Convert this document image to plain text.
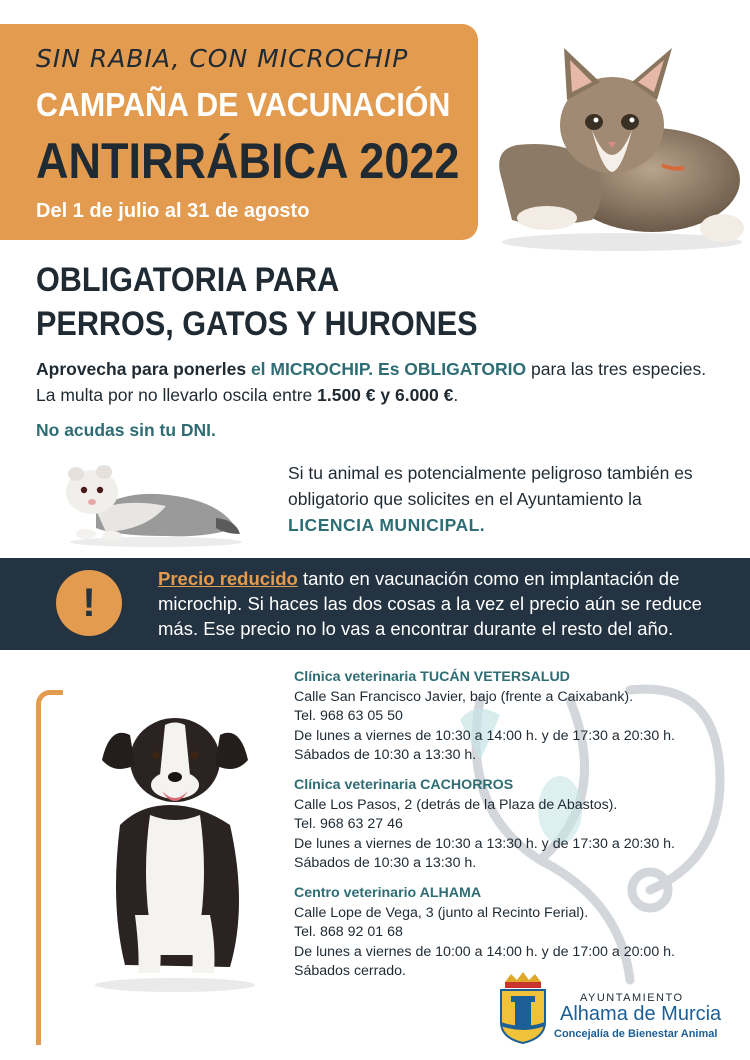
SIN RABIA, CON MICROCHIP
CAMPAÑA DE VACUNACIÓN
ANTIRRÁBICA 2022
Del 1 de julio al 31 de agosto
OBLIGATORIA PARA
PERROS, GATOS Y HURONES
Aprovecha para ponerles el MICROCHIP. Es OBLIGATORIO para las tres especies. La multa por no llevarlo oscila entre 1.500 € y 6.000 €.
No acudas sin tu DNI.
Si tu animal es potencialmente peligroso también es obligatorio que solicites en el Ayuntamiento la LICENCIA MUNICIPAL.
!
Precio reducido tanto en vacunación como en implantación de microchip. Si haces las dos cosas a la vez el precio aún se reduce más. Ese precio no lo vas a encontrar durante el resto del año.
Clínica veterinaria TUCÁN VETERSALUD
Calle San Francisco Javier, bajo (frente a Caixabank).
Tel. 968 63 05 50
De lunes a viernes de 10:30 a 14:00 h. y de 17:30 a 20:30 h.
Sábados de 10:30 a 13:30 h.
Clínica veterinaria CACHORROS
Calle Los Pasos, 2 (detrás de la Plaza de Abastos).
Tel. 968 63 27 46
De lunes a viernes de 10:30 a 13:30 h. y de 17:30 a 20:30 h.
Sábados de 10:30 a 13:30 h.
Centro veterinario ALHAMA
Calle Lope de Vega, 3 (junto al Recinto Ferial).
Tel. 868 92 01 68
De lunes a viernes de 10:00 a 14:00 h. y de 17:00 a 20:00 h.
Sábados cerrado.
AYUNTAMIENTO
Alhama de Murcia
Concejalía de Bienestar Animal
